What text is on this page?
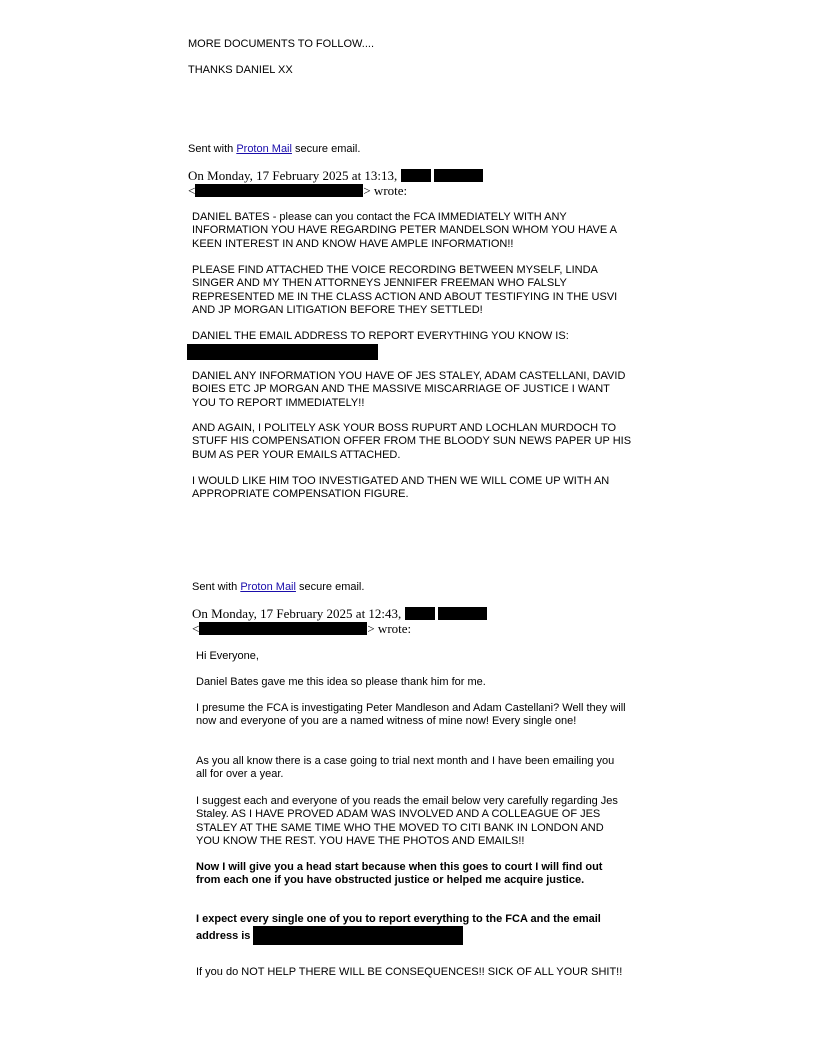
MORE DOCUMENTS TO FOLLOW....
THANKS DANIEL XX
Sent with Proton Mail secure email.
On Monday, 17 February 2025 at 13:13,
<	> wrote:
DANIEL BATES - please can you contact the FCA IMMEDIATELY WITH ANY INFORMATION YOU HAVE REGARDING PETER MANDELSON WHOM YOU HAVE A KEEN INTEREST IN AND KNOW HAVE AMPLE INFORMATION!!
PLEASE FIND ATTACHED THE VOICE RECORDING BETWEEN MYSELF, LINDA SINGER AND MY THEN ATTORNEYS JENNIFER FREEMAN WHO FALSLY REPRESENTED ME IN THE CLASS ACTION AND ABOUT TESTIFYING IN THE USVI AND JP MORGAN LITIGATION BEFORE THEY SETTLED!
DANIEL THE EMAIL ADDRESS TO REPORT EVERYTHING YOU KNOW IS:
DANIEL ANY INFORMATION YOU HAVE OF JES STALEY, ADAM CASTELLANI, DAVID BOIES ETC JP MORGAN AND THE MASSIVE MISCARRIAGE OF JUSTICE I WANT YOU TO REPORT IMMEDIATELY!!
AND AGAIN, I POLITELY ASK YOUR BOSS RUPURT AND LOCHLAN MURDOCH TO STUFF HIS COMPENSATION OFFER FROM THE BLOODY SUN NEWS PAPER UP HIS BUM AS PER YOUR EMAILS ATTACHED.
I WOULD LIKE HIM TOO INVESTIGATED AND THEN WE WILL COME UP WITH AN APPROPRIATE COMPENSATION FIGURE.
Sent with Proton Mail secure email.
On Monday, 17 February 2025 at 12:43,
<	> wrote:
Hi Everyone,
Daniel Bates gave me this idea so please thank him for me.
I presume the FCA is investigating Peter Mandleson and Adam Castellani? Well they will now and everyone of you are a named witness of mine now! Every single one!
As you all know there is a case going to trial next month and I have been emailing you all for over a year.
I suggest each and everyone of you reads the email below very carefully regarding Jes Staley. AS I HAVE PROVED ADAM WAS INVOLVED AND A COLLEAGUE OF JES STALEY AT THE SAME TIME WHO THE MOVED TO CITI BANK IN LONDON AND YOU KNOW THE REST. YOU HAVE THE PHOTOS AND EMAILS!!
Now I will give you a head start because when this goes to court I will find out from each one if you have obstructed justice or helped me acquire justice.
I expect every single one of you to report everything to the FCA and the email address is
If you do NOT HELP THERE WILL BE CONSEQUENCES!! SICK OF ALL YOUR SHIT!!
